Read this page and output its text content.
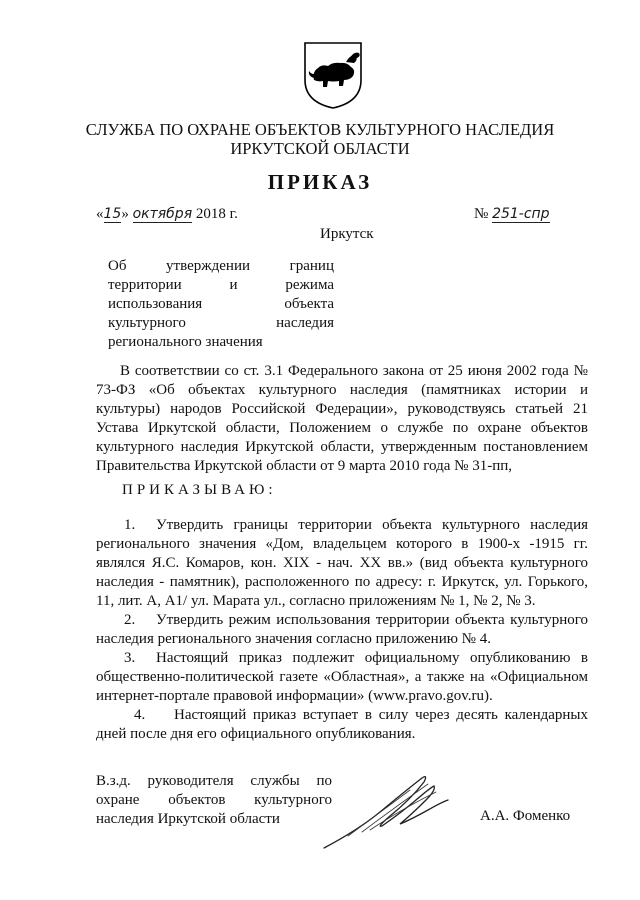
СЛУЖБА ПО ОХРАНЕ ОБЪЕКТОВ КУЛЬТУРНОГО НАСЛЕДИЯ
ИРКУТСКОЙ ОБЛАСТИ
ПРИКАЗ
«15» октября 2018 г.	№ 251-спр
Иркутск
Об утверждении границ территории и режима использования объекта культурного наследия регионального значения
В соответствии со ст. 3.1 Федерального закона от 25 июня 2002 года № 73-ФЗ «Об объектах культурного наследия (памятниках истории и культуры) народов Российской Федерации», руководствуясь статьей 21 Устава Иркутской области, Положением о службе по охране объектов культурного наследия Иркутской области, утвержденным постановлением Правительства Иркутской области от 9 марта 2010 года № 31-пп,
ПРИКАЗЫВАЮ:

1. Утвердить границы территории объекта культурного наследия регионального значения «Дом, владельцем которого в 1900-х -1915 гг. являлся Я.С. Комаров, кон. XIX - нач. XX вв.» (вид объекта культурного наследия - памятник), расположенного по адресу: г. Иркутск, ул. Горького, 11, лит. А, А1/ ул. Марата ул., согласно приложениям № 1, № 2, № 3.

2. Утвердить режим использования территории объекта культурного наследия регионального значения согласно приложению № 4.

3. Настоящий приказ подлежит официальному опубликованию в общественно-политической газете «Областная», а также на «Официальном интернет-портале правовой информации» (www.pravo.gov.ru).

4. Настоящий приказ вступает в силу через десять календарных дней после дня его официального опубликования.

В.з.д. руководителя службы по
охране объектов культурного
наследия Иркутской области	А.А. Фоменко
